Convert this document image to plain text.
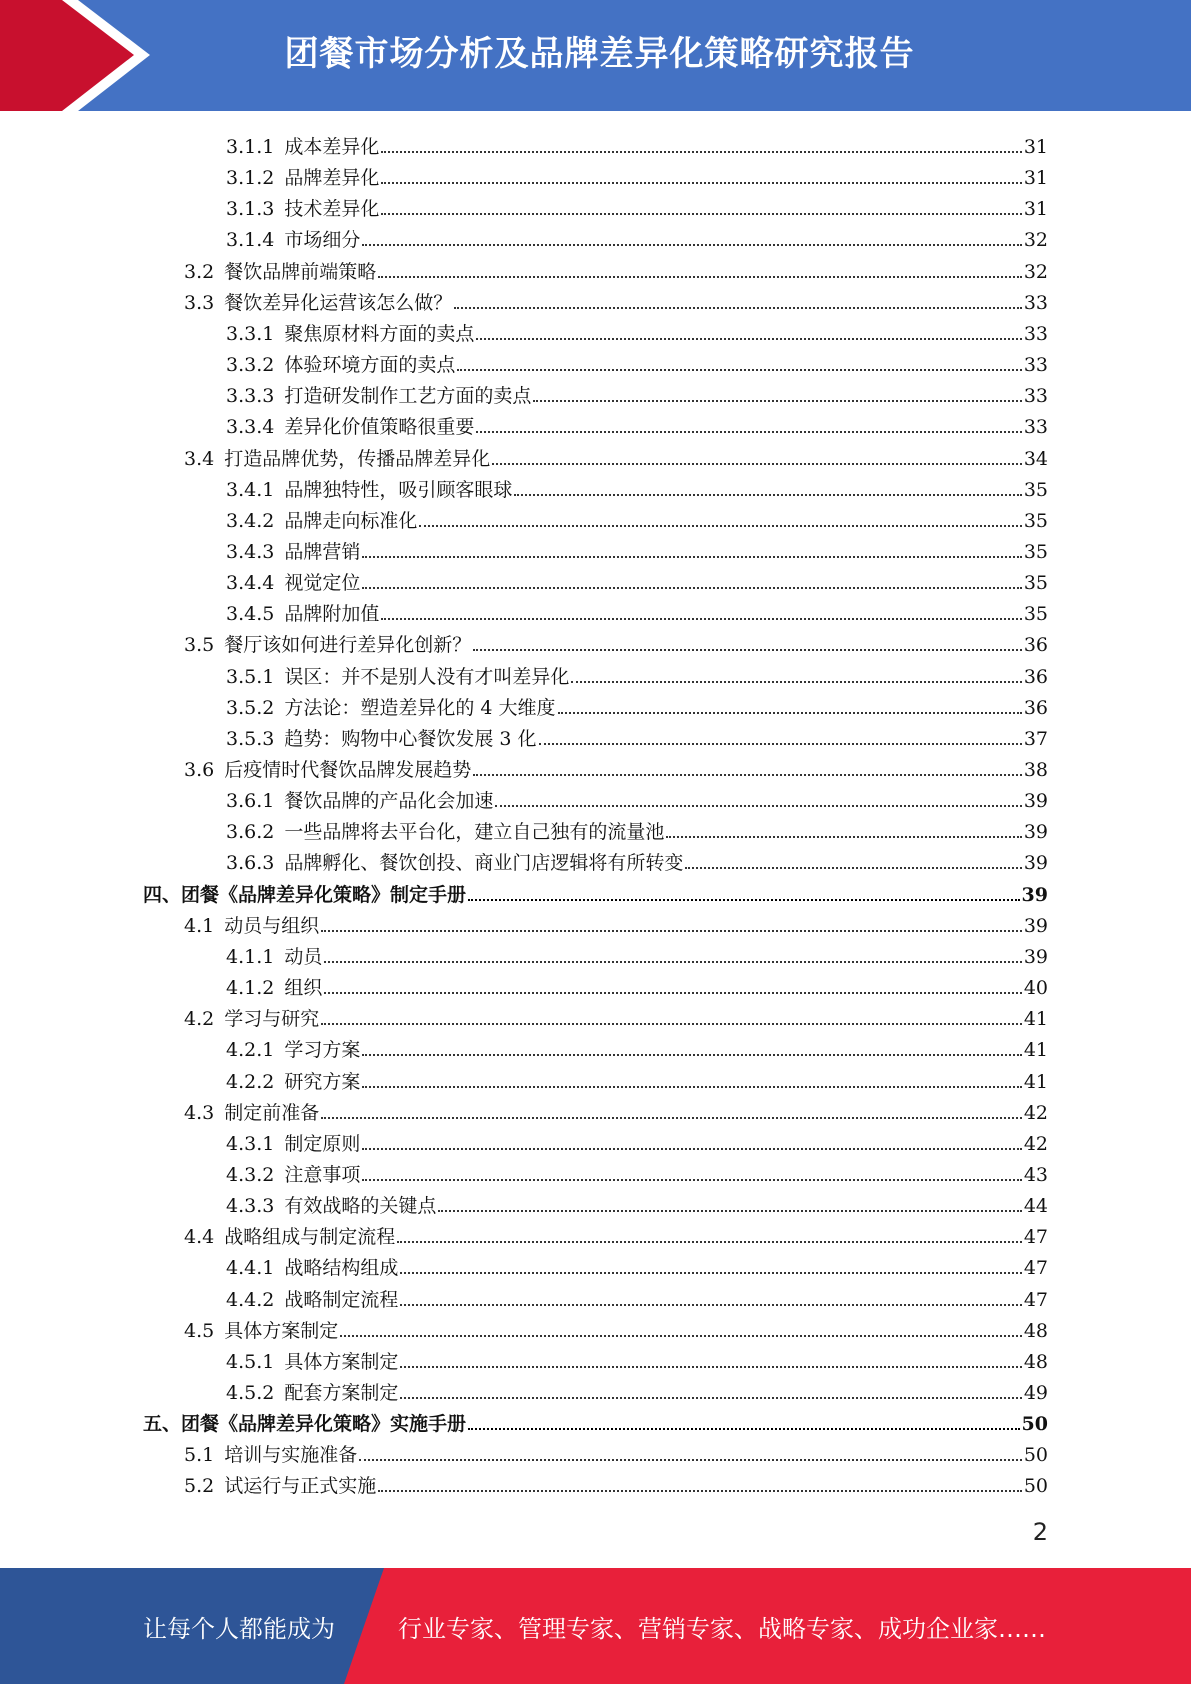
团餐市场分析及品牌差异化策略研究报告
3.1.1 成本差异化	31
3.1.2 品牌差异化	31
3.1.3 技术差异化	31
3.1.4 市场细分	32
3.2 餐饮品牌前端策略	32
3.3 餐饮差异化运营该怎么做？	33
3.3.1 聚焦原材料方面的卖点	33
3.3.2 体验环境方面的卖点	33
3.3.3 打造研发制作工艺方面的卖点	33
3.3.4 差异化价值策略很重要	33
3.4 打造品牌优势，传播品牌差异化	34
3.4.1 品牌独特性，吸引顾客眼球	35
3.4.2 品牌走向标准化	35
3.4.3 品牌营销	35
3.4.4 视觉定位	35
3.4.5 品牌附加值	35
3.5 餐厅该如何进行差异化创新？	36
3.5.1 误区：并不是别人没有才叫差异化	36
3.5.2 方法论：塑造差异化的 4 大维度	36
3.5.3 趋势：购物中心餐饮发展 3 化	37
3.6 后疫情时代餐饮品牌发展趋势	38
3.6.1 餐饮品牌的产品化会加速	39
3.6.2 一些品牌将去平台化，建立自己独有的流量池	39
3.6.3 品牌孵化、餐饮创投、商业门店逻辑将有所转变	39
四、团餐《品牌差异化策略》制定手册	39
4.1 动员与组织	39
4.1.1 动员	39
4.1.2 组织	40
4.2 学习与研究	41
4.2.1 学习方案	41
4.2.2 研究方案	41
4.3 制定前准备	42
4.3.1 制定原则	42
4.3.2 注意事项	43
4.3.3 有效战略的关键点	44
4.4 战略组成与制定流程	47
4.4.1 战略结构组成	47
4.4.2 战略制定流程	47
4.5 具体方案制定	48
4.5.1 具体方案制定	48
4.5.2 配套方案制定	49
五、团餐《品牌差异化策略》实施手册	50
5.1 培训与实施准备	50
5.2 试运行与正式实施	50
2
让每个人都能成为	行业专家、管理专家、营销专家、战略专家、成功企业家……
